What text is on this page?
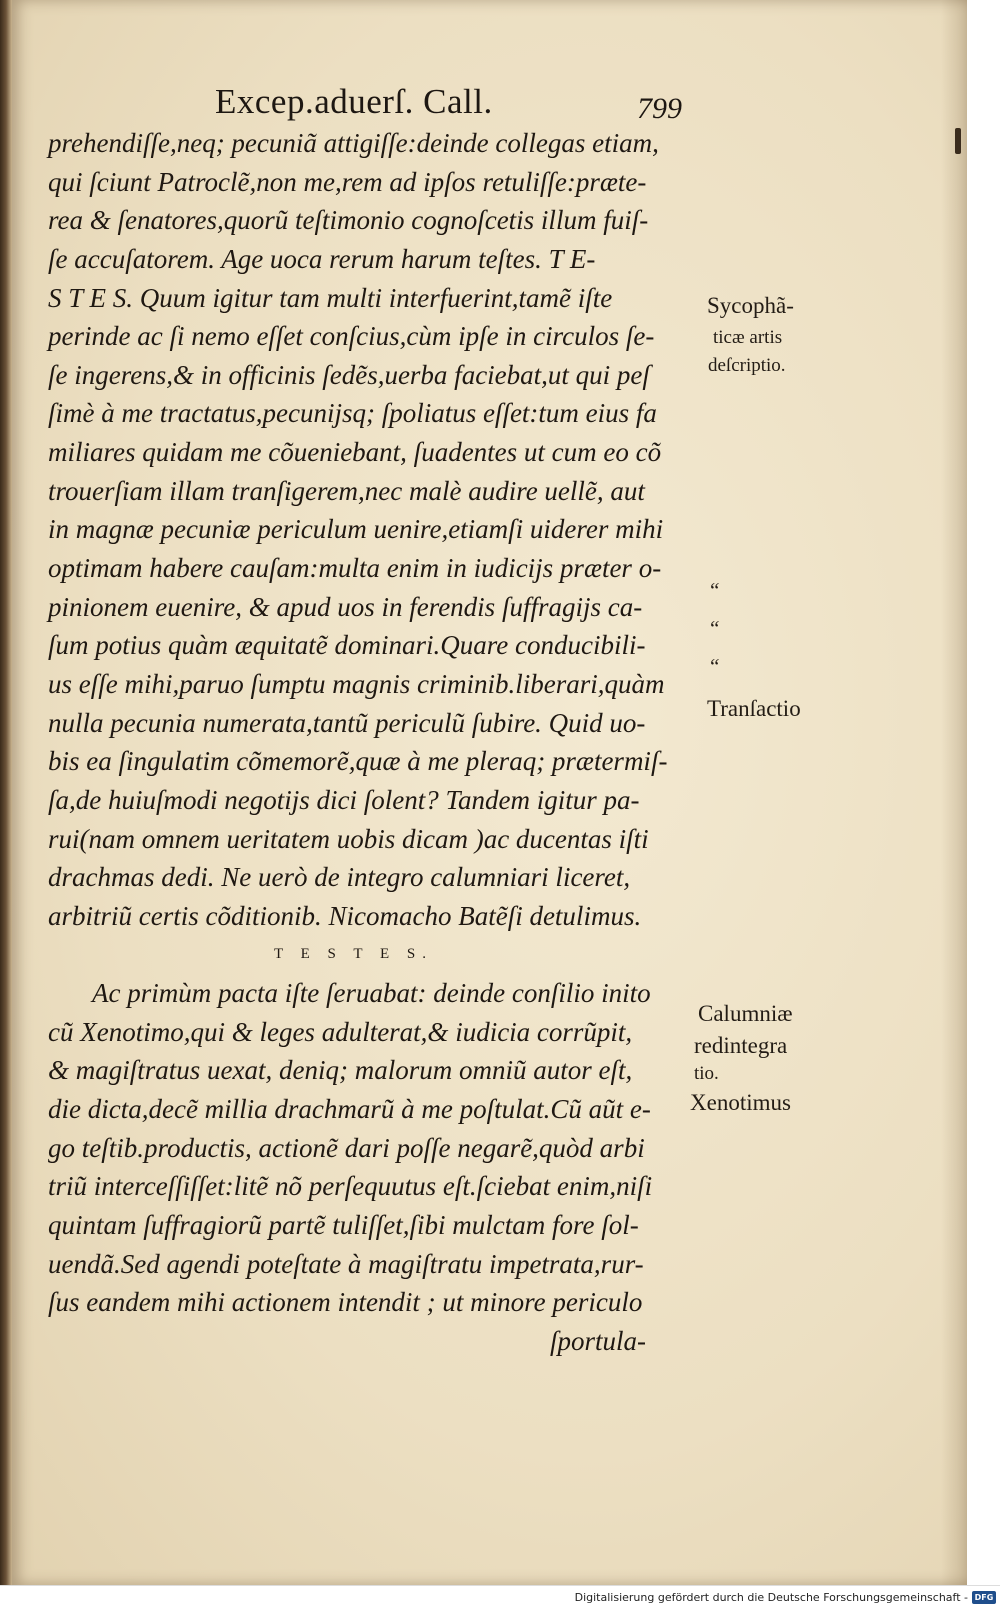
Excep.aduerſ. Call.	799
prehendiſſe,neq; pecuniã attigiſſe:deinde collegas etiam,
qui ſciunt Patroclẽ,non me,rem ad ipſos retuliſſe:præte-
rea & ſenatores,quorũ teſtimonio cognoſcetis illum fuiſ-
ſe accuſatorem. Age uoca rerum harum teſtes. T E-
S T E S. Quum igitur tam multi interfuerint,tamẽ iſte
perinde ac ſi nemo eſſet conſcius,cùm ipſe in circulos ſe-
ſe ingerens,& in officinis ſedẽs,uerba faciebat,ut qui peſ
ſimè à me tractatus,pecunijsq; ſpoliatus eſſet:tum eius fa
miliares quidam me cõueniebant, ſuadentes ut cum eo cõ
trouerſiam illam tranſigerem,nec malè audire uellẽ, aut
in magnæ pecuniæ periculum uenire,etiamſi uiderer mihi
optimam habere cauſam:multa enim in iudicijs præter o-
pinionem euenire, & apud uos in ferendis ſuffragijs ca-
ſum potius quàm æquitatẽ dominari.Quare conducibili-
us eſſe mihi,paruo ſumptu magnis criminib.liberari,quàm
nulla pecunia numerata,tantũ periculũ ſubire. Quid uo-
bis ea ſingulatim cõmemorẽ,quæ à me pleraq; prætermiſ-
ſa,de huiuſmodi negotijs dici ſolent? Tandem igitur pa-
rui(nam omnem ueritatem uobis dicam )ac ducentas iſti
drachmas dedi. Ne uerò de integro calumniari liceret,
arbitriũ certis cõditionib. Nicomacho Batẽſi detulimus.
T E S T E S.
Ac primùm pacta iſte ſeruabat: deinde conſilio inito
cũ Xenotimo,qui & leges adulterat,& iudicia corrũpit,
& magiſtratus uexat, deniq; malorum omniũ autor eſt,
die dicta,decẽ millia drachmarũ à me poſtulat.Cũ aũt e-
go teſtib.productis, actionẽ dari poſſe negarẽ,quòd arbi
triũ interceſſiſſet:litẽ nõ perſequutus eſt.ſciebat enim,niſi
quintam ſuffragiorũ partẽ tuliſſet,ſibi mulctam fore ſol-
uendã.Sed agendi poteſtate à magiſtratu impetrata,rur-
ſus eandem mihi actionem intendit ; ut minore periculo
ſportula-
Sycophã-
ticæ artis
deſcriptio.
“
“
“
Tranſactio
Calumniæ
redintegra
tio.
Xenotimus
Digitalisierung gefördert durch die Deutsche Forschungsgemeinschaft - DFG
